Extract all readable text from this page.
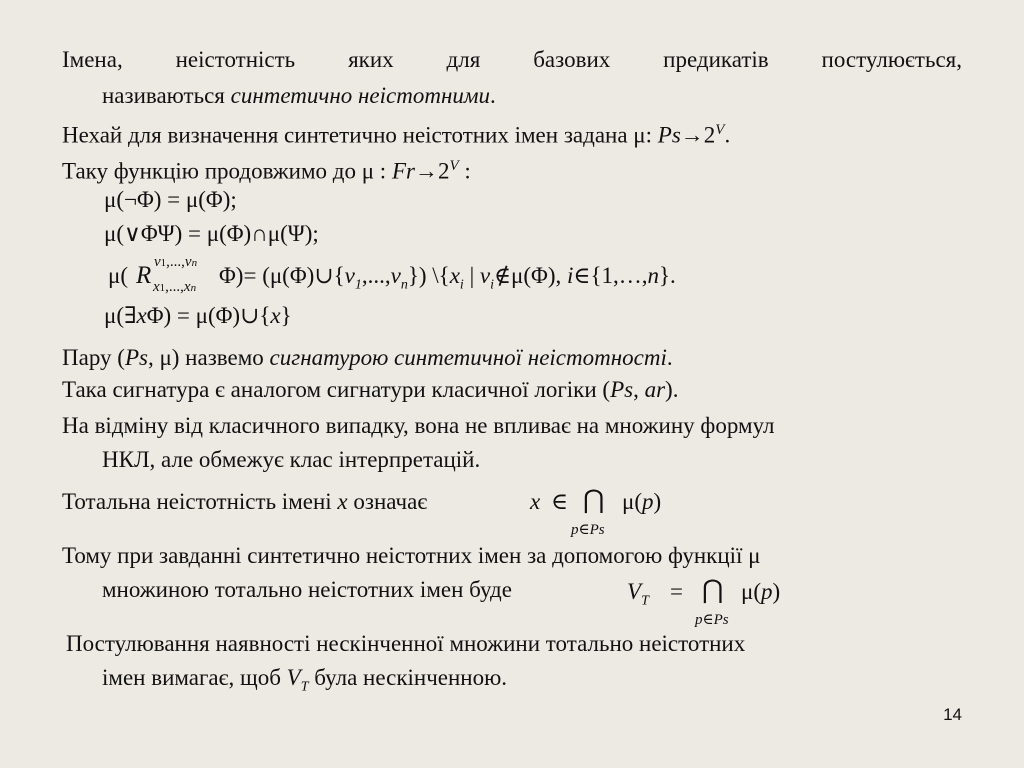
Імена, неістотність яких для базових предикатів постулюється,
називаються синтетично неістотними.
Нехай для визначення синтетично неістотних імен задана μ: $Ps\to 2^V$.
Таку функцію продовжимо до μ : $Fr\to 2^V$ :
μ(¬Φ) = μ(Φ);
μ(∨ΦΨ) = μ(Φ)∩μ(Ψ);
μ( R v1,...,vn
x1,...,xn $\Phi)= (\mu(\Phi)\cup\{v_1,...,v_n\})$ $\backslash\{x_i$ | $v_i\notin\mu(\Phi)$, i∈{1,…,n}.
μ(∃xΦ) = μ(Φ)∪{x}
Пару (Ps, μ) назвемо сигнатурою синтетичної неістотності.
Така сигнатура є аналогом сигнатури класичної логіки (Ps, ar).
На відміну від класичного випадку, вона не впливає на множину формул
НКЛ, але обмежує клас інтерпретацій.
Тотальна неістотність імені x означає	x ∈ ⋂ μ(p)
p∈Ps
Тому при завданні синтетично неістотних імен за допомогою функції μ
множиною тотально неістотних імен буде	$V_T$ = ⋂ μ(p)
p∈Ps
Постулювання наявності нескінченної множини тотально неістотних
імен вимагає, щоб $V_T$ була нескінченною.
14
